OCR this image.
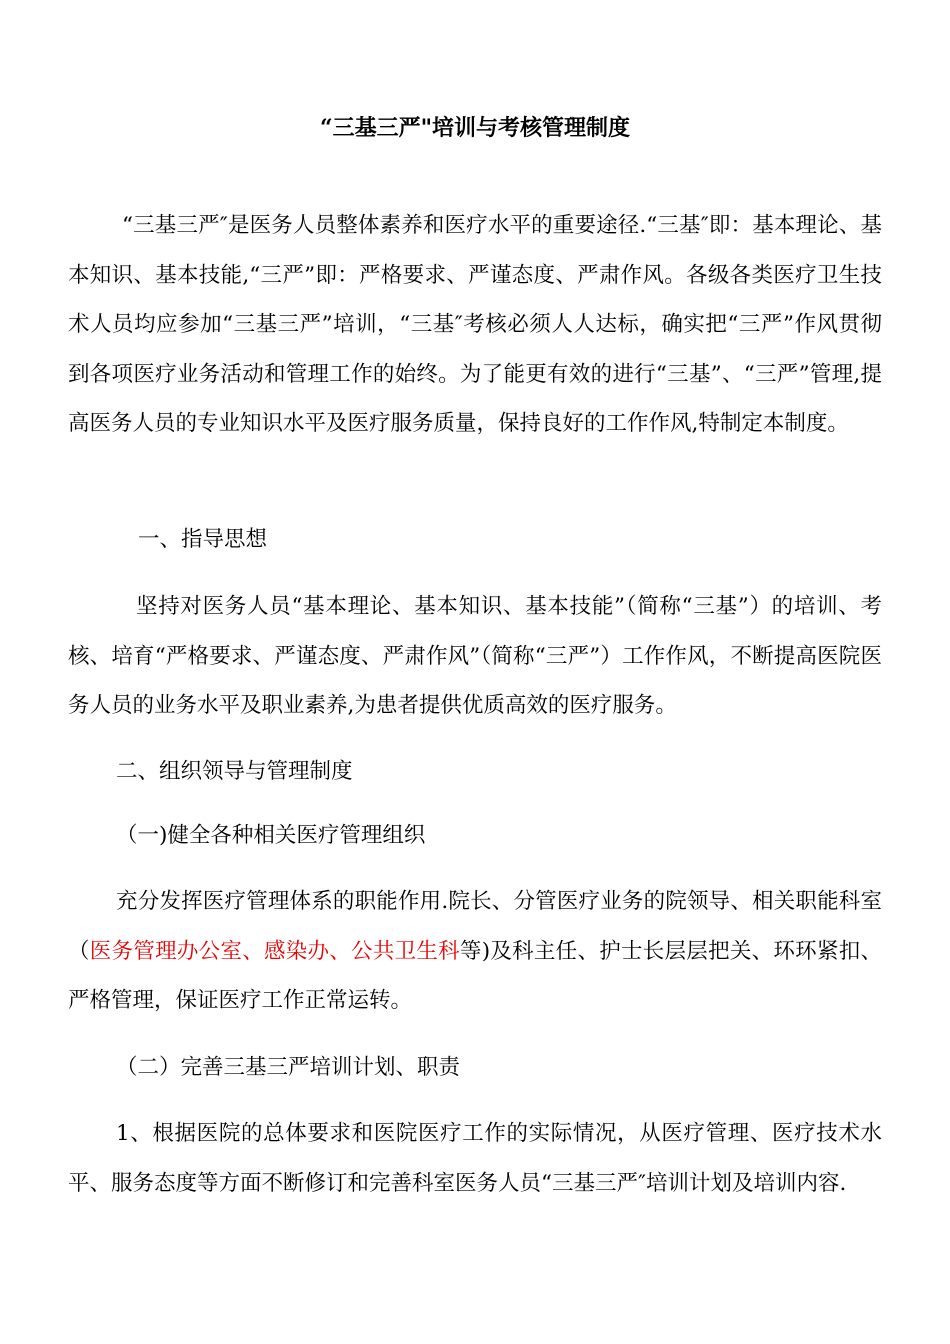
“三基三严"培训与考核管理制度
“三基三严″是医务人员整体素养和医疗水平的重要途径.“三基″即：基本理论、基本知识、基本技能,“三严”即：严格要求、严谨态度、严肃作风。各级各类医疗卫生技术人员均应参加“三基三严”培训，“三基″考核必须人人达标，确实把“三严”作风贯彻到各项医疗业务活动和管理工作的始终。为了能更有效的进行“三基”、“三严”管理,提高医务人员的专业知识水平及医疗服务质量，保持良好的工作作风,特制定本制度。
一、指导思想
坚持对医务人员“基本理论、基本知识、基本技能”（简称“三基”）的培训、考核、培育“严格要求、严谨态度、严肃作风”（简称“三严”）工作作风，不断提高医院医务人员的业务水平及职业素养,为患者提供优质高效的医疗服务。
二、组织领导与管理制度
（一)健全各种相关医疗管理组织
充分发挥医疗管理体系的职能作用.院长、分管医疗业务的院领导、相关职能科室（医务管理办公室、感染办、公共卫生科等)及科主任、护士长层层把关、环环紧扣、严格管理，保证医疗工作正常运转。
（二）完善三基三严培训计划、职责
1、根据医院的总体要求和医院医疗工作的实际情况，从医疗管理、医疗技术水平、服务态度等方面不断修订和完善科室医务人员“三基三严″培训计划及培训内容.
